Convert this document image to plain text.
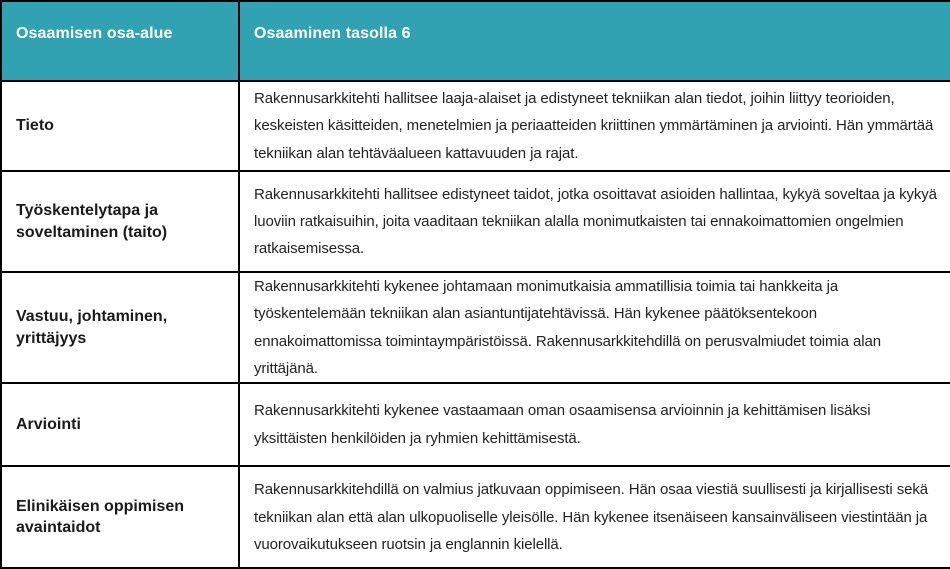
Osaamisen osa-alue	Osaaminen tasolla 6
Tieto	Rakennusarkkitehti hallitsee laaja-alaiset ja edistyneet tekniikan alan tiedot, joihin liittyy teorioiden, keskeisten käsitteiden, menetelmien ja periaatteiden kriittinen ymmärtäminen ja arviointi. Hän ymmärtää tekniikan alan tehtäväalueen kattavuuden ja rajat.
Työskentelytapa ja soveltaminen (taito)	Rakennusarkkitehti hallitsee edistyneet taidot, jotka osoittavat asioiden hallintaa, kykyä soveltaa ja kykyä luoviin ratkaisuihin, joita vaaditaan tekniikan alalla monimutkaisten tai ennakoimattomien ongelmien ratkaisemisessa.
Vastuu, johtaminen, yrittäjyys	Rakennusarkkitehti kykenee johtamaan monimutkaisia ammatillisia toimia tai hankkeita ja työskentelemään tekniikan alan asiantuntijatehtävissä. Hän kykenee päätöksentekoon ennakoimattomissa toimintaympäristöissä. Rakennusarkkitehdillä on perusvalmiudet toimia alan yrittäjänä.
Arviointi	Rakennusarkkitehti kykenee vastaamaan oman osaamisensa arvioinnin ja kehittämisen lisäksi yksittäisten henkilöiden ja ryhmien kehittämisestä.
Elinikäisen oppimisen avaintaidot	Rakennusarkkitehdillä on valmius jatkuvaan oppimiseen. Hän osaa viestiä suullisesti ja kirjallisesti sekä tekniikan alan että alan ulkopuoliselle yleisölle. Hän kykenee itsenäiseen kansainväliseen viestintään ja vuorovaikutukseen ruotsin ja englannin kielellä.
